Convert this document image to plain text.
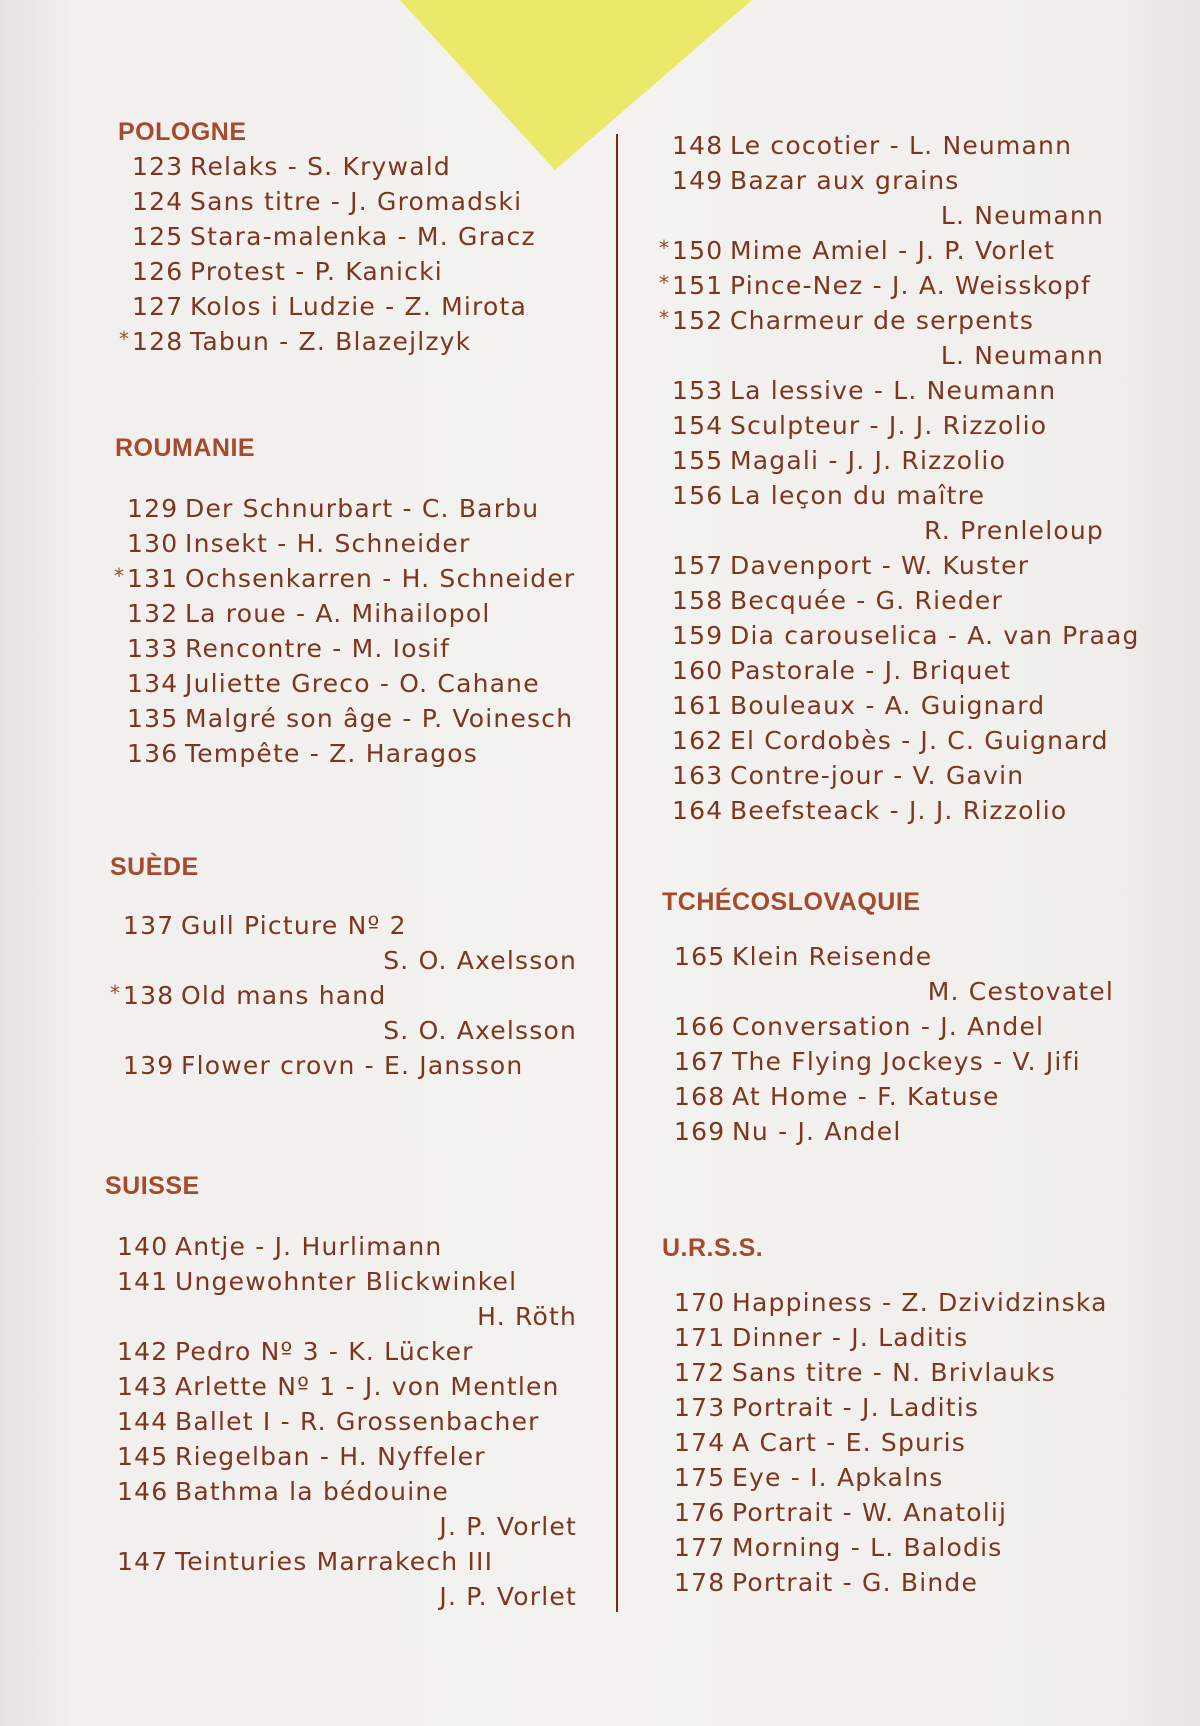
POLOGNE
123 Relaks - S. Krywald
124 Sans titre - J. Gromadski
125 Stara-malenka - M. Gracz
126 Protest - P. Kanicki
127 Kolos i Ludzie - Z. Mirota
* 128 Tabun - Z. Blazejlzyk
ROUMANIE
129 Der Schnurbart - C. Barbu
130 Insekt - H. Schneider
* 131 Ochsenkarren - H. Schneider
132 La roue - A. Mihailopol
133 Rencontre - M. Iosif
134 Juliette Greco - O. Cahane
135 Malgré son âge - P. Voinesch
136 Tempête - Z. Haragos
SUÈDE
137 Gull Picture Nº 2
S. O. Axelsson
* 138 Old mans hand
S. O. Axelsson
139 Flower crovn - E. Jansson
SUISSE
140 Antje - J. Hurlimann
141 Ungewohnter Blickwinkel
H. Röth
142 Pedro Nº 3 - K. Lücker
143 Arlette Nº 1 - J. von Mentlen
144 Ballet I - R. Grossenbacher
145 Riegelban - H. Nyffeler
146 Bathma la bédouine
J. P. Vorlet
147 Teinturies Marrakech III
J. P. Vorlet
148 Le cocotier - L. Neumann
149 Bazar aux grains
L. Neumann
* 150 Mime Amiel - J. P. Vorlet
* 151 Pince-Nez - J. A. Weisskopf
* 152 Charmeur de serpents
L. Neumann
153 La lessive - L. Neumann
154 Sculpteur - J. J. Rizzolio
155 Magali - J. J. Rizzolio
156 La leçon du maître
R. Prenleloup
157 Davenport - W. Kuster
158 Becquée - G. Rieder
159 Dia carouselica - A. van Praag
160 Pastorale - J. Briquet
161 Bouleaux - A. Guignard
162 El Cordobès - J. C. Guignard
163 Contre-jour - V. Gavin
164 Beefsteack - J. J. Rizzolio
TCHÉCOSLOVAQUIE
165 Klein Reisende
M. Cestovatel
166 Conversation - J. Andel
167 The Flying Jockeys - V. Jifi
168 At Home - F. Katuse
169 Nu - J. Andel
U.R.S.S.
170 Happiness - Z. Dzividzinska
171 Dinner - J. Laditis
172 Sans titre - N. Brivlauks
173 Portrait - J. Laditis
174 A Cart - E. Spuris
175 Eye - I. Apkalns
176 Portrait - W. Anatolij
177 Morning - L. Balodis
178 Portrait - G. Binde
